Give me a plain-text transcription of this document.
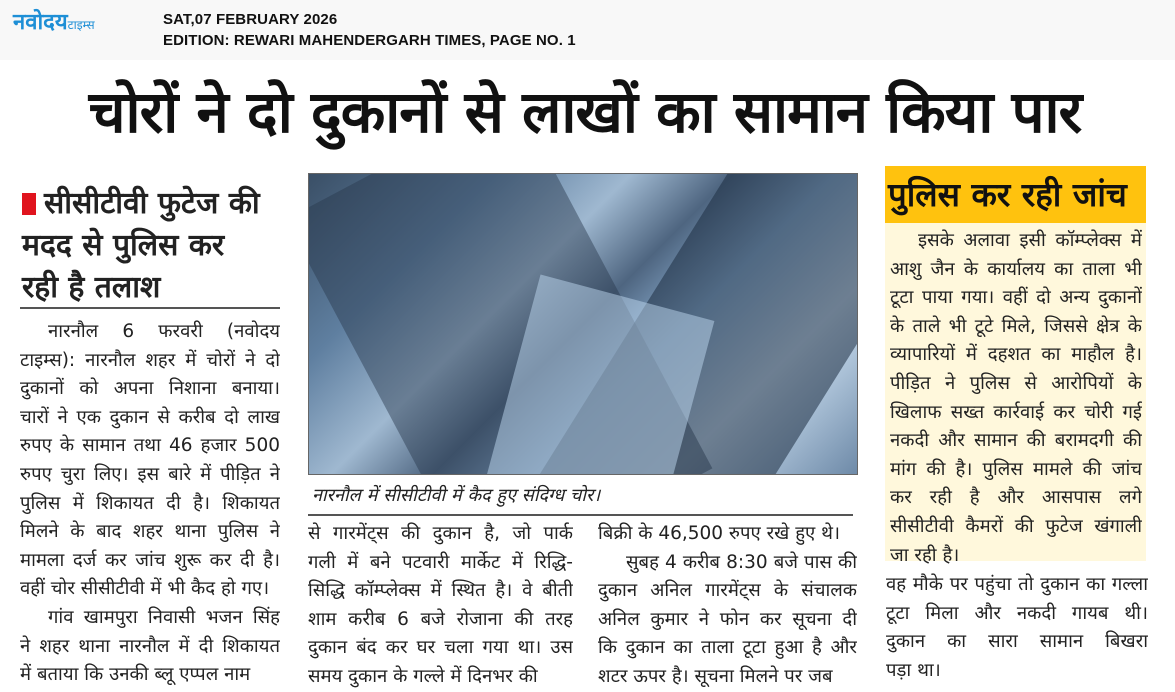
नवोदयटाइम्स	SAT,07 FEBRUARY 2026
EDITION: REWARI MAHENDERGARH TIMES, PAGE NO. 1
चोरों ने दो दुकानों से लाखों का सामान किया पार
सीसीटीवी फुटेज की
मदद से पुलिस कर
रही है तलाश
नारनौल 6 फरवरी (नवोदय
टाइम्स): नारनौल शहर में चोरों ने दो
दुकानों को अपना निशाना बनाया।
चारों ने एक दुकान से करीब दो लाख
रुपए के सामान तथा 46 हजार 500
रुपए चुरा लिए। इस बारे में पीड़ित ने
पुलिस में शिकायत दी है। शिकायत
मिलने के बाद शहर थाना पुलिस ने
मामला दर्ज कर जांच शुरू कर दी है।
वहीं चोर सीसीटीवी में भी कैद हो गए।
गांव खामपुरा निवासी भजन सिंह
ने शहर थाना नारनौल में दी शिकायत
में बताया कि उनकी ब्लू एप्पल नाम
नारनौल में सीसीटीवी में कैद हुए संदिग्ध चोर।
से गारमेंट्स की दुकान है, जो पार्क
गली में बने पटवारी मार्केट में रिद्धि-
सिद्धि कॉम्प्लेक्स में स्थित है। वे बीती
शाम करीब 6 बजे रोजाना की तरह
दुकान बंद कर घर चला गया था। उस
समय दुकान के गल्ले में दिनभर की
बिक्री के 46,500 रुपए रखे हुए थे।
सुबह 4 करीब 8:30 बजे पास की
दुकान अनिल गारमेंट्स के संचालक
अनिल कुमार ने फोन कर सूचना दी
कि दुकान का ताला टूटा हुआ है और
शटर ऊपर है। सूचना मिलने पर जब
पुलिस कर रही जांच
इसके अलावा इसी कॉम्प्लेक्स में
आशु जैन के कार्यालय का ताला भी
टूटा पाया गया। वहीं दो अन्य दुकानों
के ताले भी टूटे मिले, जिससे क्षेत्र के
व्यापारियों में दहशत का माहौल है।
पीड़ित ने पुलिस से आरोपियों के
खिलाफ सख्त कार्रवाई कर चोरी गई
नकदी और सामान की बरामदगी की
मांग की है। पुलिस मामले की जांच
कर रही है और आसपास लगे
सीसीटीवी कैमरों की फुटेज खंगाली
जा रही है।
वह मौके पर पहुंचा तो दुकान का गल्ला
टूटा मिला और नकदी गायब थी।
दुकान का सारा सामान बिखरा
पड़ा था।
